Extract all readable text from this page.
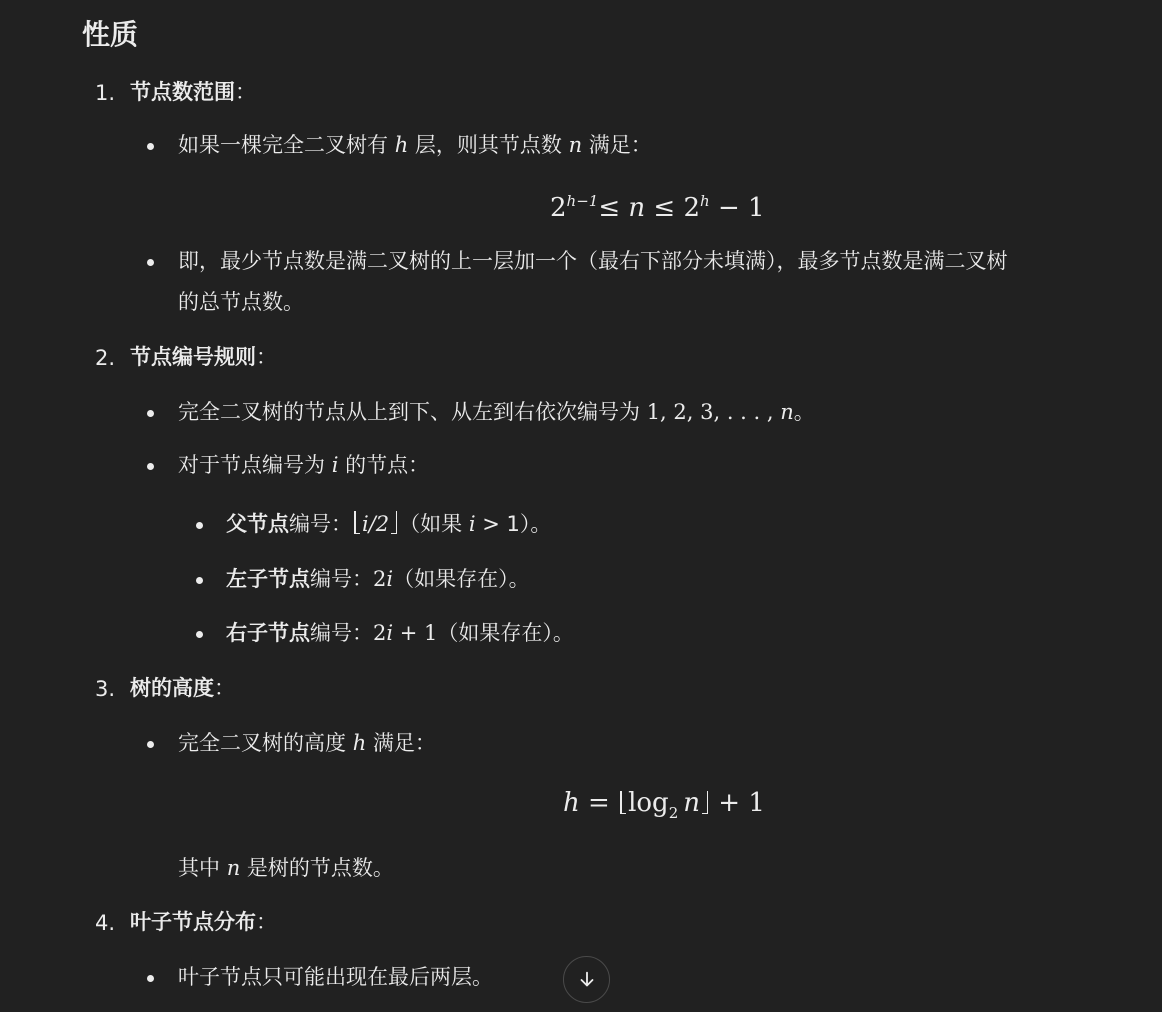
性质
1. 节点数范围：
如果一棵完全二叉树有 h 层，则其节点数 n 满足：
$2^{h-1}\le n \le 2^h - 1$
即，最少节点数是满二叉树的上一层加一个（最右下部分未填满），最多节点数是满二叉树
的总节点数。
2. 节点编号规则：
完全二叉树的节点从上到下、从左到右依次编号为 1, 2, 3, . . . , n。
对于节点编号为 i 的节点：
父节点编号： i/2 （如果 i > 1）。
左子节点编号：2i（如果存在）。
右子节点编号：2i + 1（如果存在）。
3. 树的高度：
完全二叉树的高度 h 满足：
$h = \log_2 n + 1$
其中 n 是树的节点数。
4. 叶子节点分布：
叶子节点只可能出现在最后两层。
